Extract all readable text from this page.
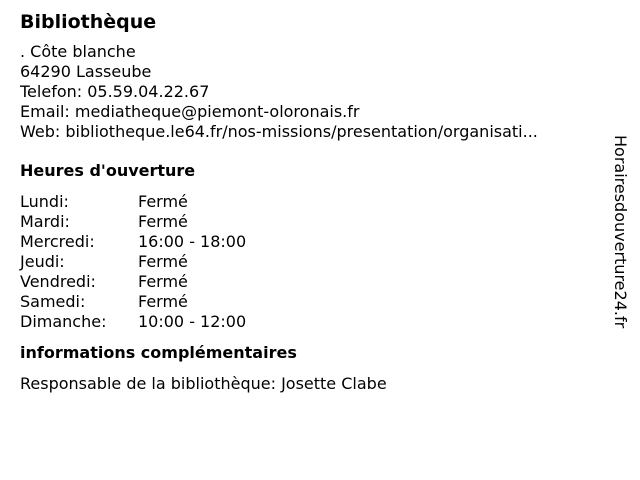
Bibliothèque
. Côte blanche
64290 Lasseube
Telefon: 05.59.04.22.67
Email: mediatheque@piemont-oloronais.fr
Web: bibliotheque.le64.fr/nos-missions/presentation/organisati...
Heures d'ouverture
Lundi:	Fermé
Mardi:	Fermé
Mercredi:	16:00 - 18:00
Jeudi:	Fermé
Vendredi:	Fermé
Samedi:	Fermé
Dimanche:	10:00 - 12:00
informations complémentaires
Responsable de la bibliothèque: Josette Clabe
Horairesdouverture24.fr
